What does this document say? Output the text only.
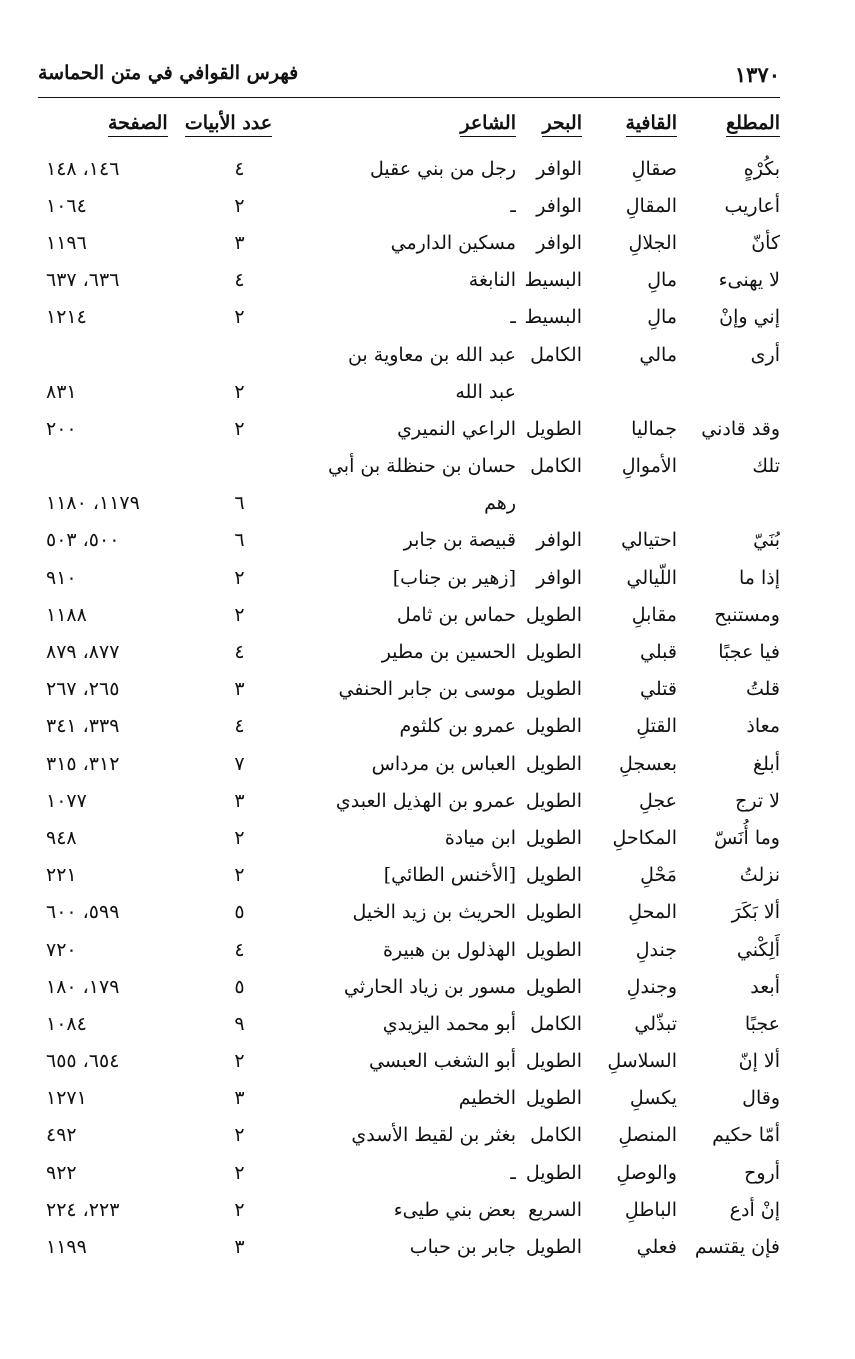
١٣٧٠
فهرس القوافي في متن الحماسة
المطلع	القافية	البحر	الشاعر	عدد الأبيات	الصفحة
بكُرْهٍ	صقالِ	الوافر	رجل من بني عقيل	٤	١٤٦، ١٤٨
أعاريب	المقالِ	الوافر	ـ	٢	١٠٦٤
كأنّ	الجلالِ	الوافر	مسكين الدارمي	٣	١١٩٦
لا يهنىء	مالِ	البسيط	النابغة	٤	٦٣٦، ٦٣٧
إني وإنْ	مالِ	البسيط	ـ	٢	١٢١٤
أرى	مالي	الكامل	عبد الله بن معاوية بن		
			عبد الله	٢	٨٣١
وقد قادني	جماليا	الطويل	الراعي النميري	٢	٢٠٠
تلك	الأموالِ	الكامل	حسان بن حنظلة بن أبي		
			رهم	٦	١١٧٩، ١١٨٠
بُنَيّ	احتيالي	الوافر	قبيصة بن جابر	٦	٥٠٠، ٥٠٣
إذا ما	اللّيالي	الوافر	[زهير بن جناب]	٢	٩١٠
ومستنبح	مقابلِ	الطويل	حماس بن ثامل	٢	١١٨٨
فيا عجبًا	قبلي	الطويل	الحسين بن مطير	٤	٨٧٧، ٨٧٩
قلتُ	قتلي	الطويل	موسى بن جابر الحنفي	٣	٢٦٥، ٢٦٧
معاذ	القتلِ	الطويل	عمرو بن كلثوم	٤	٣٣٩، ٣٤١
أبلغ	بعسجلِ	الطويل	العباس بن مرداس	٧	٣١٢، ٣١٥
لا ترج	عجلِ	الطويل	عمرو بن الهذيل العبدي	٣	١٠٧٧
وما أُنَسّ	المكاحلِ	الطويل	ابن ميادة	٢	٩٤٨
نزلتُ	مَحْلِ	الطويل	[الأخنس الطائي]	٢	٢٢١
ألا بَكَرَ	المحلِ	الطويل	الحريث بن زيد الخيل	٥	٥٩٩، ٦٠٠
أَلِكْني	جندلِ	الطويل	الهذلول بن هبيرة	٤	٧٢٠
أبعد	وجندلِ	الطويل	مسور بن زياد الحارثي	٥	١٧٩، ١٨٠
عجبًا	تبذّلي	الكامل	أبو محمد اليزيدي	٩	١٠٨٤
ألا إنّ	السلاسلِ	الطويل	أبو الشغب العبسي	٢	٦٥٤، ٦٥٥
وقال	يكسلِ	الطويل	الخطيم	٣	١٢٧١
أمّا حكيم	المنصلِ	الكامل	بغثر بن لقيط الأسدي	٢	٤٩٢
أروح	والوصلِ	الطويل	ـ	٢	٩٢٢
إنْ أدع	الباطلِ	السريع	بعض بني طيىء	٢	٢٢٣، ٢٢٤
فإن يقتسم	فعلي	الطويل	جابر بن حباب	٣	١١٩٩
